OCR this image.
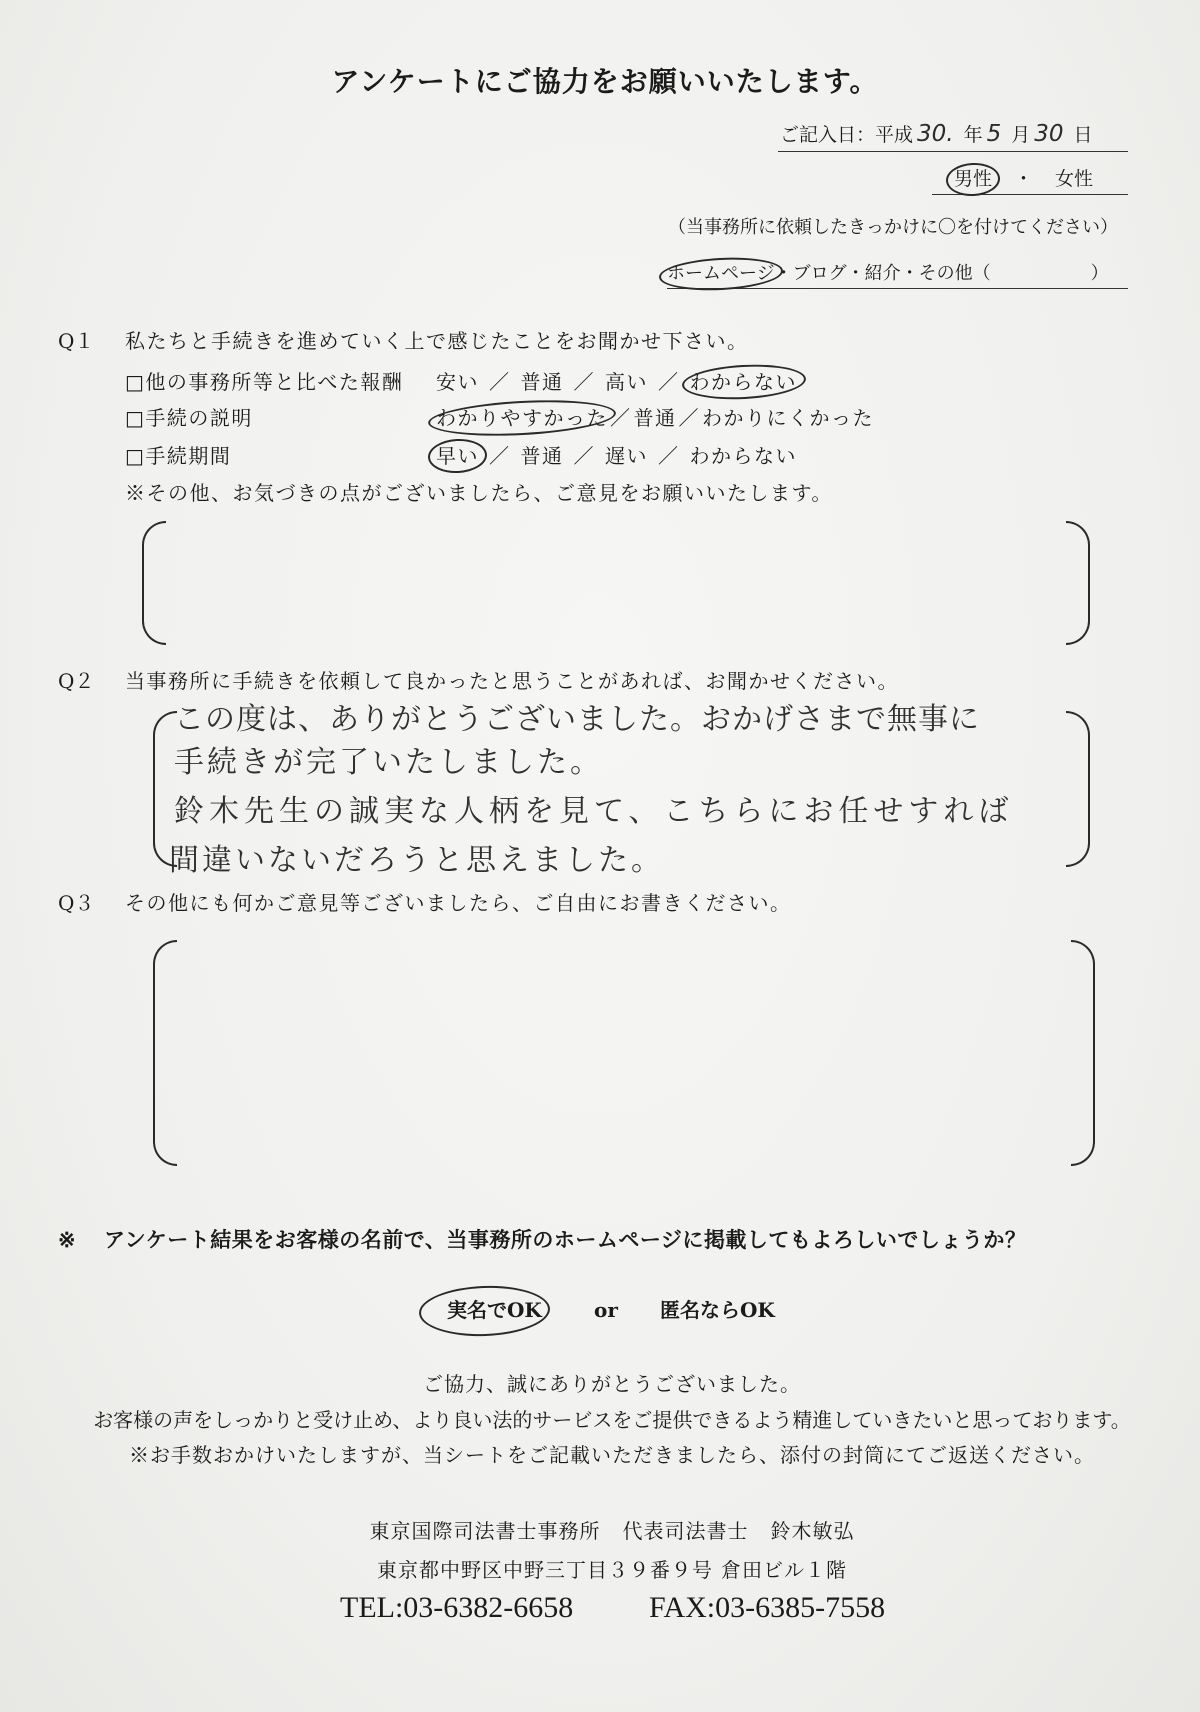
アンケートにご協力をお願いいたします。
ご記入日：平成 30. 年 5 月 30 日
男性 ・ 女性
（当事務所に依頼したきっかけに〇を付けてください）
ホームページ ・ ブログ ・ 紹介 ・ その他 （	）
Q１ 私たちと手続きを進めていく上で感じたことをお聞かせ下さい。
□他の事務所等と比べた報酬 安い ／ 普通 ／ 高い ／ わからない
□手続の説明	わかりやすかった ／ 普通 ／ わかりにくかった
□手続期間	早い ／ 普通 ／ 遅い ／ わからない
※その他、お気づきの点がございましたら、ご意見をお願いいたします。
Q２ 当事務所に手続きを依頼して良かったと思うことがあれば、お聞かせください。
この度は、ありがとうございました。おかげさまで無事に
手続きが完了いたしました。
鈴木先生の誠実な人柄を見て、こちらにお任せすれば
間違いないだろうと思えました。
Q３ その他にも何かご意見等ございましたら、ご自由にお書きください。
※ アンケート結果をお客様の名前で、当事務所のホームページに掲載してもよろしいでしょうか？
実名でOK	or 匿名ならOK
ご協力、誠にありがとうございました。
お客様の声をしっかりと受け止め、より良い法的サービスをご提供できるよう精進していきたいと思っております。
※お手数おかけいたしますが、当シートをご記載いただきましたら、添付の封筒にてご返送ください。
東京国際司法書士事務所 代表司法書士 鈴木敏弘
東京都中野区中野三丁目３９番９号 倉田ビル１階
TEL:03-6382-6658	FAX:03-6385-7558
